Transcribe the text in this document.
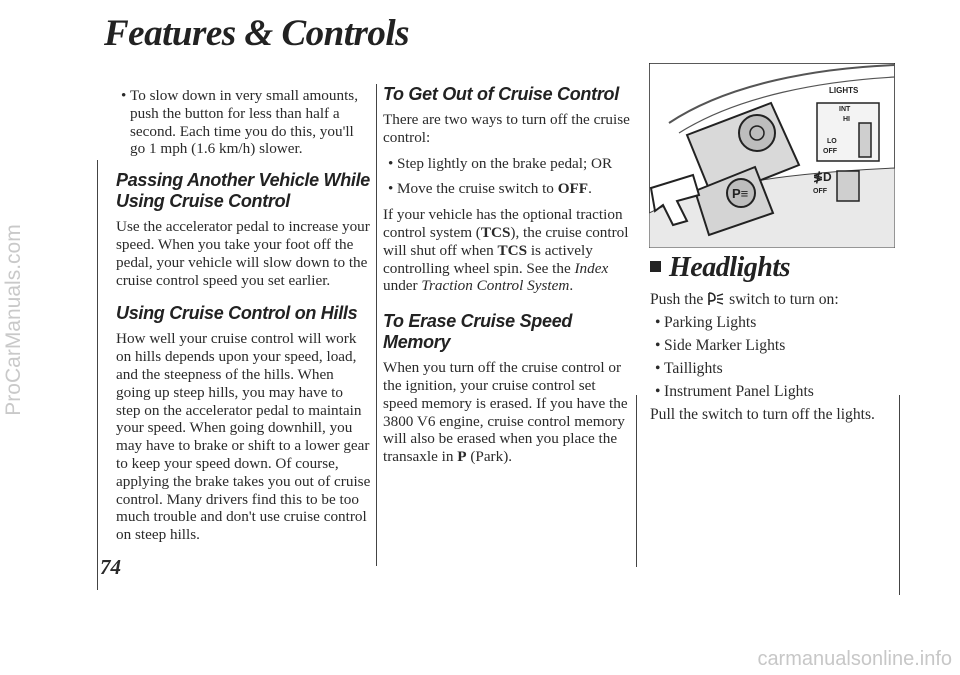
Features & Controls
ProCarManuals.com
carmanualsonline.info
74

• To slow down in very small amounts, push the button for less than half a second. Each time you do this, you'll go 1 mph (1.6 km/h) slower.

Passing Another Vehicle While Using Cruise Control

Use the accelerator pedal to increase your speed. When you take your foot off the pedal, your vehicle will slow down to the cruise control speed you set earlier.

Using Cruise Control on Hills

How well your cruise control will work on hills depends upon your speed, load, and the steepness of the hills. When going up steep hills, you may have to step on the accelerator pedal to maintain your speed. When going downhill, you may have to brake or shift to a lower gear to keep your speed down. Of course, applying the brake takes you out of cruise control. Many drivers find this to be too much trouble and don't use cruise control on steep hills.

To Get Out of Cruise Control

There are two ways to turn off the cruise control:

• Step lightly on the brake pedal; OR

• Move the cruise switch to OFF.

If your vehicle has the optional traction control system (TCS), the cruise control will shut off when TCS is actively controlling wheel spin. See the Index under Traction Control System.

To Erase Cruise Speed Memory

When you turn off the cruise control or the ignition, your cruise control set speed memory is erased. If you have the 3800 V6 engine, cruise control memory will also be erased when you place the transaxle in P (Park).

P≡
LIGHTS
INT
HI
LO
OFF
≸D
OFF
Headlights

Push the  switch to turn on:

• Parking Lights

• Side Marker Lights

• Taillights

• Instrument Panel Lights

Pull the switch to turn off the lights.
